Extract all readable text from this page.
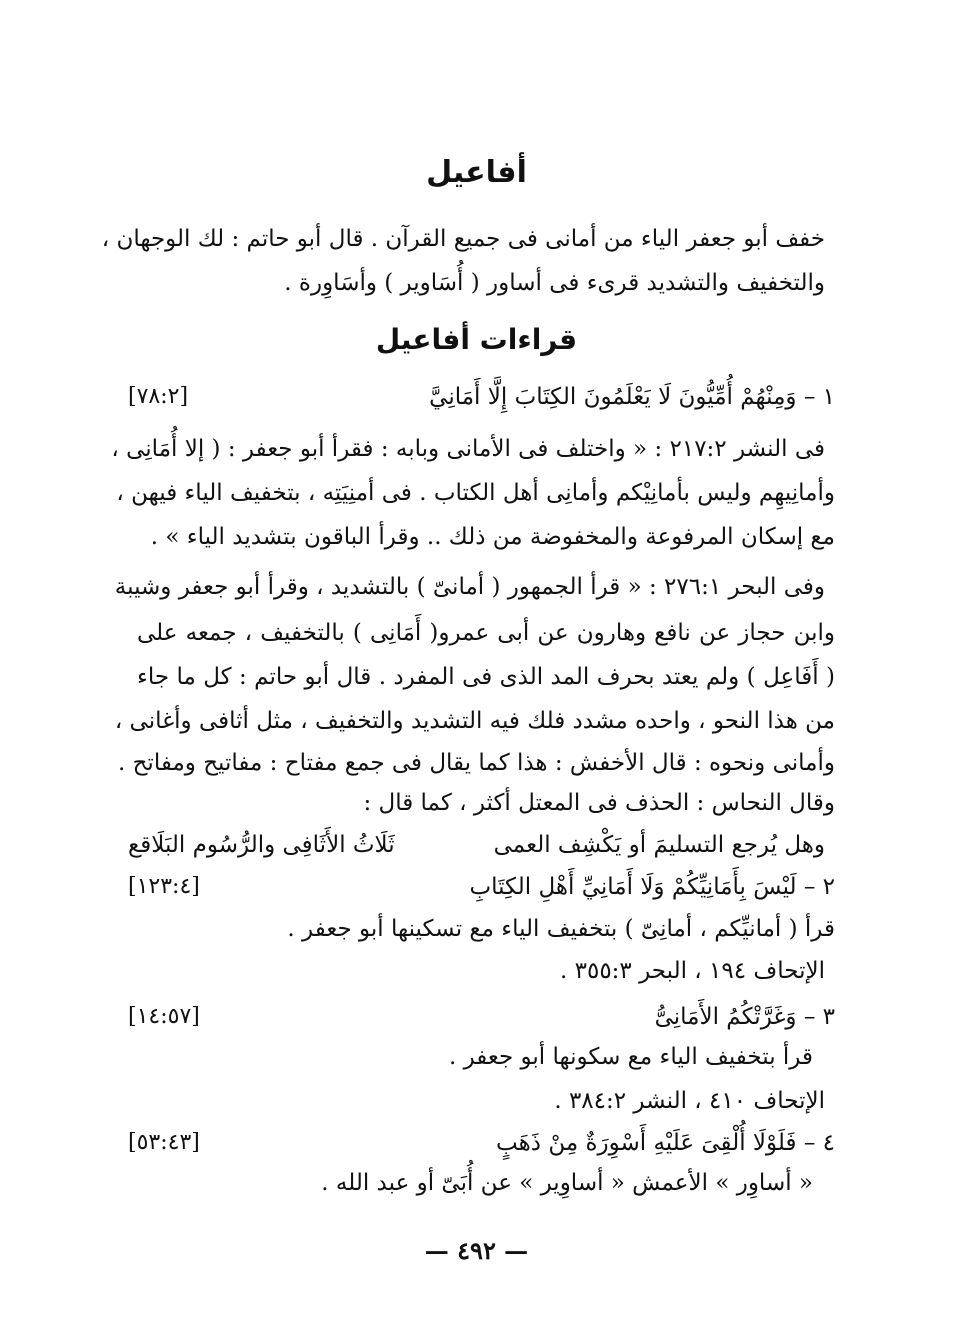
أفاعيل

خفف أبو جعفر الياء من أمانى فى جميع القرآن . قال أبو حاتم : لك الوجهان ،

والتخفيف والتشديد قرىء فى أساور ( أُسَاوير ) وأسَاوِرة .

قراءات أفاعيل

١ – وَمِنْهُمْ أُمِّيُّونَ لَا يَعْلَمُونَ الكِتَابَ إِلَّا أَمَانِيَّ

[٧٨:٢]

فى النشر ٢١٧:٢ : « واختلف فى الأمانى وبابه : فقرأ أبو جعفر : ( إلا أُمَانِى ،

وأمانِيهِم وليس بأمانِيْكم وأمانِى أهل الكتاب . فى أمنِيَتِه ، بتخفيف الياء فيهن ،

مع إسكان المرفوعة والمخفوضة من ذلك .. وقرأ الباقون بتشديد الياء » .

وفى البحر ٢٧٦:١ : « قرأ الجمهور ( أمانىّ ) بالتشديد ، وقرأ أبو جعفر وشيبة

وابن حجاز عن نافع وهارون عن أبى عمرو( أَمَانِى ) بالتخفيف ، جمعه على

( أَفَاعِل ) ولم يعتد بحرف المد الذى فى المفرد . قال أبو حاتم : كل ما جاء

من هذا النحو ، واحده مشدد فلك فيه التشديد والتخفيف ، مثل أثافى وأغانى ،

وأمانى ونحوه : قال الأخفش : هذا كما يقال فى جمع مفتاح : مفاتيح ومفاتح .

وقال النحاس : الحذف فى المعتل أكثر ، كما قال :

ثَلَاثُ الأَثَافِى والرُّسُوم البَلَاقع	وهل يُرجع التسليمَ أو يَكْشِف العمى

٢ – لَيْسَ بِأَمَانِيِّكُمْ وَلَا أَمَانِيِّ أَهْلِ الكِتَابِ

[١٢٣:٤]

قرأ ( أمانيِّكم ، أمانِىّ ) بتخفيف الياء مع تسكينها أبو جعفر .

الإتحاف ١٩٤ ، البحر ٣٥٥:٣ .

٣ – وَغَرَّتْكُمُ الأَمَانِىُّ

[١٤:٥٧]

قرأ بتخفيف الياء مع سكونها أبو جعفر .

الإتحاف ٤١٠ ، النشر ٣٨٤:٢ .

٤ – فَلَوْلَا أُلْقِىَ عَلَيْهِ أَسْوِرَةٌ مِنْ ذَهَبٍ

[٥٣:٤٣]

« أساوِر » الأعمش « أساوِير » عن أُبَىّ أو عبد الله .

— ٤٩٢ —
